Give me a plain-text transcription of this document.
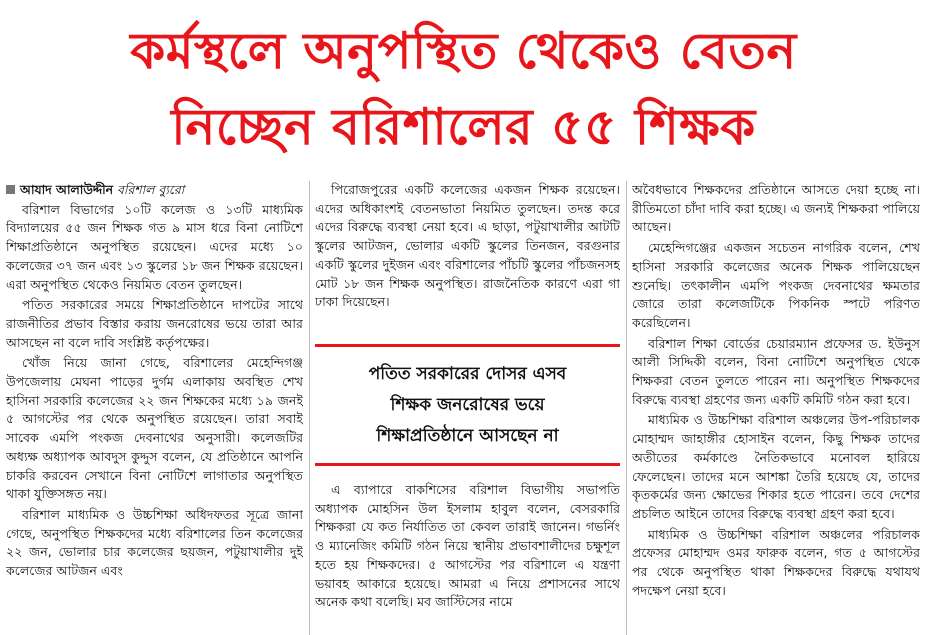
কর্মস্থলে অনুপস্থিত থেকেও বেতন
নিচ্ছেন বরিশালের ৫৫ শিক্ষক
আযাদ আলাউদ্দীন বরিশাল ব্যুরো

বরিশাল বিভাগের ১০টি কলেজ ও ১৩টি মাধ্যমিক বিদ্যালয়ের ৫৫ জন শিক্ষক গত ৯ মাস ধরে বিনা নোটিশে শিক্ষাপ্রতিষ্ঠানে অনুপস্থিত রয়েছেন। এদের মধ্যে ১০ কলেজের ৩৭ জন এবং ১৩ স্কুলের ১৮ জন শিক্ষক রয়েছেন। এরা অনুপস্থিত থেকেও নিয়মিত বেতন তুলছেন।

পতিত সরকারের সময়ে শিক্ষাপ্রতিষ্ঠানে দাপটের সাথে রাজনীতির প্রভাব বিস্তার করায় জনরোষের ভয়ে তারা আর আসছেন না বলে দাবি সংশ্লিষ্ট কর্তৃপক্ষের।

খোঁজ নিয়ে জানা গেছে, বরিশালের মেহেন্দিগঞ্জ উপজেলায় মেঘনা পাড়ের দুর্গম এলাকায় অবস্থিত শেখ হাসিনা সরকারি কলেজের ২২ জন শিক্ষকের মধ্যে ১৯ জনই ৫ আগস্টের পর থেকে অনুপস্থিত রয়েছেন। তারা সবাই সাবেক এমপি পংকজ দেবনাথের অনুসারী। কলেজটির অধ্যক্ষ অধ্যাপক আবদুস কুদ্দুস বলেন, যে প্রতিষ্ঠানে আপনি চাকরি করবেন সেখানে বিনা নোটিশে লাগাতার অনুপস্থিত থাকা যুক্তিসঙ্গত নয়।

বরিশাল মাধ্যমিক ও উচ্চশিক্ষা অধিদফতর সূত্রে জানা গেছে, অনুপস্থিত শিক্ষকদের মধ্যে বরিশালের তিন কলেজের ২২ জন, ভোলার চার কলেজের ছয়জন, পটুয়াখালীর দুই কলেজের আটজন এবং

পিরোজপুরের একটি কলেজের একজন শিক্ষক রয়েছেন। এদের অধিকাংশই বেতনভাতা নিয়মিত তুলছেন। তদন্ত করে এদের বিরুদ্ধে ব্যবস্থা নেয়া হবে। এ ছাড়া, পটুয়াখালীর আটটি স্কুলের আটজন, ভোলার একটি স্কুলের তিনজন, বরগুনার একটি স্কুলের দুইজন এবং বরিশালের পাঁচটি স্কুলের পাঁচজনসহ মোট ১৮ জন শিক্ষক অনুপস্থিত। রাজনৈতিক কারণে এরা গা ঢাকা দিয়েছেন।

পতিত সরকারের দোসর এসব
শিক্ষক জনরোষের ভয়ে
শিক্ষাপ্রতিষ্ঠানে আসছেন না

এ ব্যাপারে বাকশিসের বরিশাল বিভাগীয় সভাপতি অধ্যাপক মোহসিন উল ইসলাম হাবুল বলেন, বেসরকারি শিক্ষকরা যে কত নির্যাতিত তা কেবল তারাই জানেন। গভর্নিং ও ম্যানেজিং কমিটি গঠন নিয়ে স্থানীয় প্রভাবশালীদের চক্ষুশূল হতে হয় শিক্ষকদের। ৫ আগস্টের পর বরিশালে এ যন্ত্রণা ভয়াবহ আকারে হয়েছে। আমরা এ নিয়ে প্রশাসনের সাথে অনেক কথা বলেছি। মব জাস্টিসের নামে

অবৈধভাবে শিক্ষকদের প্রতিষ্ঠানে আসতে দেয়া হচ্ছে না। রীতিমতো চাঁদা দাবি করা হচ্ছে। এ জন্যই শিক্ষকরা পালিয়ে আছেন।

মেহেন্দিগঞ্জের একজন সচেতন নাগরিক বলেন, শেখ হাসিনা সরকারি কলেজের অনেক শিক্ষক পালিয়েছেন শুনেছি। তৎকালীন এমপি পংকজ দেবনাথের ক্ষমতার জোরে তারা কলেজটিকে পিকনিক স্পটে পরিণত করেছিলেন।

বরিশাল শিক্ষা বোর্ডের চেয়ারম্যান প্রফেসর ড. ইউনুস আলী সিদ্দিকী বলেন, বিনা নোটিশে অনুপস্থিত থেকে শিক্ষকরা বেতন তুলতে পারেন না। অনুপস্থিত শিক্ষকদের বিরুদ্ধে ব্যবস্থা গ্রহণের জন্য একটি কমিটি গঠন করা হবে।

মাধ্যমিক ও উচ্চশিক্ষা বরিশাল অঞ্চলের উপ-পরিচালক মোহাম্মদ জাহাঙ্গীর হোসাইন বলেন, কিছু শিক্ষক তাদের অতীতের কর্মকাণ্ডে নৈতিকভাবে মনোবল হারিয়ে ফেলেছেন। তাদের মনে আশঙ্কা তৈরি হয়েছে যে, তাদের কৃতকর্মের জন্য ক্ষোভের শিকার হতে পারেন। তবে দেশের প্রচলিত আইনে তাদের বিরুদ্ধে ব্যবস্থা গ্রহণ করা হবে।

মাধ্যমিক ও উচ্চশিক্ষা বরিশাল অঞ্চলের পরিচালক প্রফেসর মোহাম্মদ ওমর ফারুক বলেন, গত ৫ আগস্টের পর থেকে অনুপস্থিত থাকা শিক্ষকদের বিরুদ্ধে যথাযথ পদক্ষেপ নেয়া হবে।
